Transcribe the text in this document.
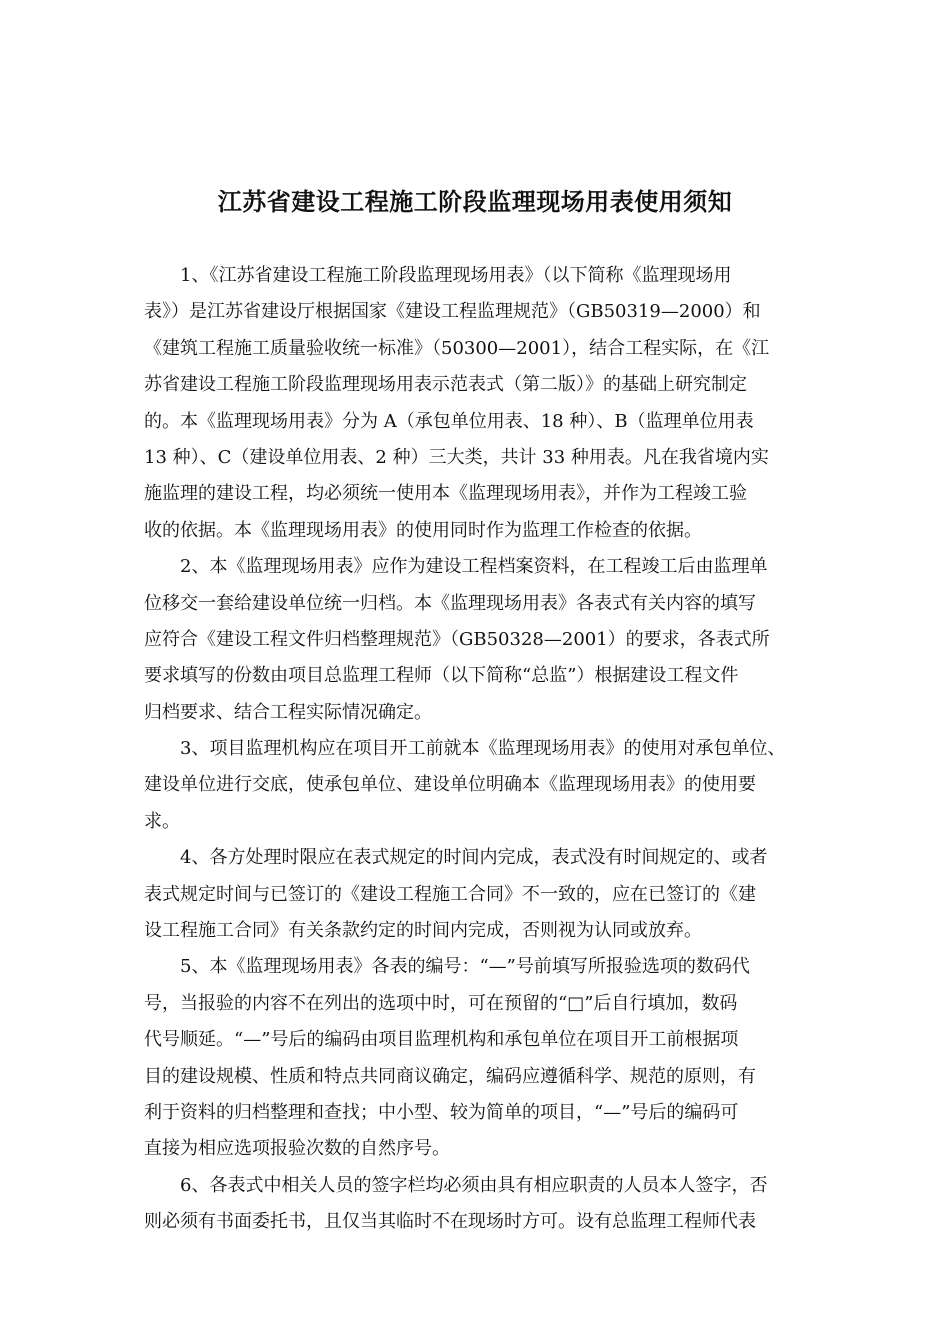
江苏省建设工程施工阶段监理现场用表使用须知
1、《江苏省建设工程施工阶段监理现场用表》（以下简称《监理现场用
表》）是江苏省建设厅根据国家《建设工程监理规范》（GB50319—2000）和
《建筑工程施工质量验收统一标准》（50300—2001），结合工程实际，在《江
苏省建设工程施工阶段监理现场用表示范表式（第二版）》的基础上研究制定
的。本《监理现场用表》分为 A（承包单位用表、18 种）、B（监理单位用表
13 种）、C（建设单位用表、2 种）三大类，共计 33 种用表。凡在我省境内实
施监理的建设工程，均必须统一使用本《监理现场用表》，并作为工程竣工验
收的依据。本《监理现场用表》的使用同时作为监理工作检查的依据。
2、本《监理现场用表》应作为建设工程档案资料，在工程竣工后由监理单
位移交一套给建设单位统一归档。本《监理现场用表》各表式有关内容的填写
应符合《建设工程文件归档整理规范》（GB50328—2001）的要求，各表式所
要求填写的份数由项目总监理工程师（以下简称“总监”）根据建设工程文件
归档要求、结合工程实际情况确定。
3、项目监理机构应在项目开工前就本《监理现场用表》的使用对承包单位、
建设单位进行交底，使承包单位、建设单位明确本《监理现场用表》的使用要
求。
4、各方处理时限应在表式规定的时间内完成，表式没有时间规定的、或者
表式规定时间与已签订的《建设工程施工合同》不一致的，应在已签订的《建
设工程施工合同》有关条款约定的时间内完成，否则视为认同或放弃。
5、本《监理现场用表》各表的编号：“—”号前填写所报验选项的数码代
号，当报验的内容不在列出的选项中时，可在预留的“□”后自行填加，数码
代号顺延。“—”号后的编码由项目监理机构和承包单位在项目开工前根据项
目的建设规模、性质和特点共同商议确定，编码应遵循科学、规范的原则，有
利于资料的归档整理和查找；中小型、较为简单的项目，“—”号后的编码可
直接为相应选项报验次数的自然序号。
6、各表式中相关人员的签字栏均必须由具有相应职责的人员本人签字，否
则必须有书面委托书，且仅当其临时不在现场时方可。设有总监理工程师代表
